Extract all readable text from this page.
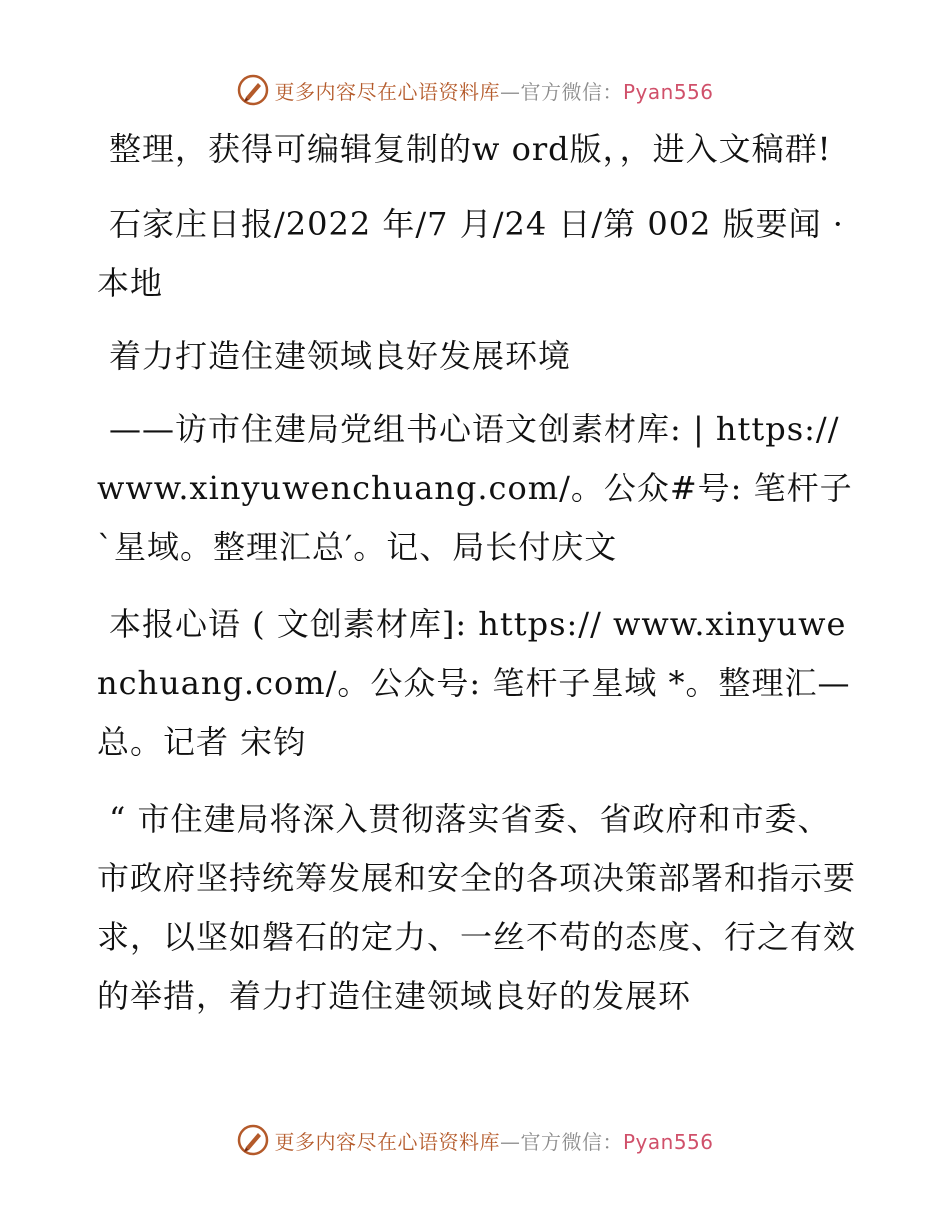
更多内容尽在心语资料库—官方微信：Pyan556

整理，获得可编辑复制的w ord版，，进入文稿群!

石家庄日报/2022 年/7 月/24 日/第 002 版要闻 · 本地

着力打造住建领域良好发展环境

——访市住建局党组书心语文创素材库: | https://www.xinyuwenchuang.com/。公众#号: 笔杆子`星域。整理汇总′。记、局长付庆文

本报心语 ( 文创素材库]: https:// www.xinyuwenchuang.com/。公众号: 笔杆子星域 *。整理汇—总。记者 宋钧

“ 市住建局将深入贯彻落实省委、省政府和市委、市政府坚持统筹发展和安全的各项决策部署和指示要求，以坚如磐石的定力、一丝不苟的态度、行之有效的举措，着力打造住建领域良好的发展环

更多内容尽在心语资料库—官方微信：Pyan556
